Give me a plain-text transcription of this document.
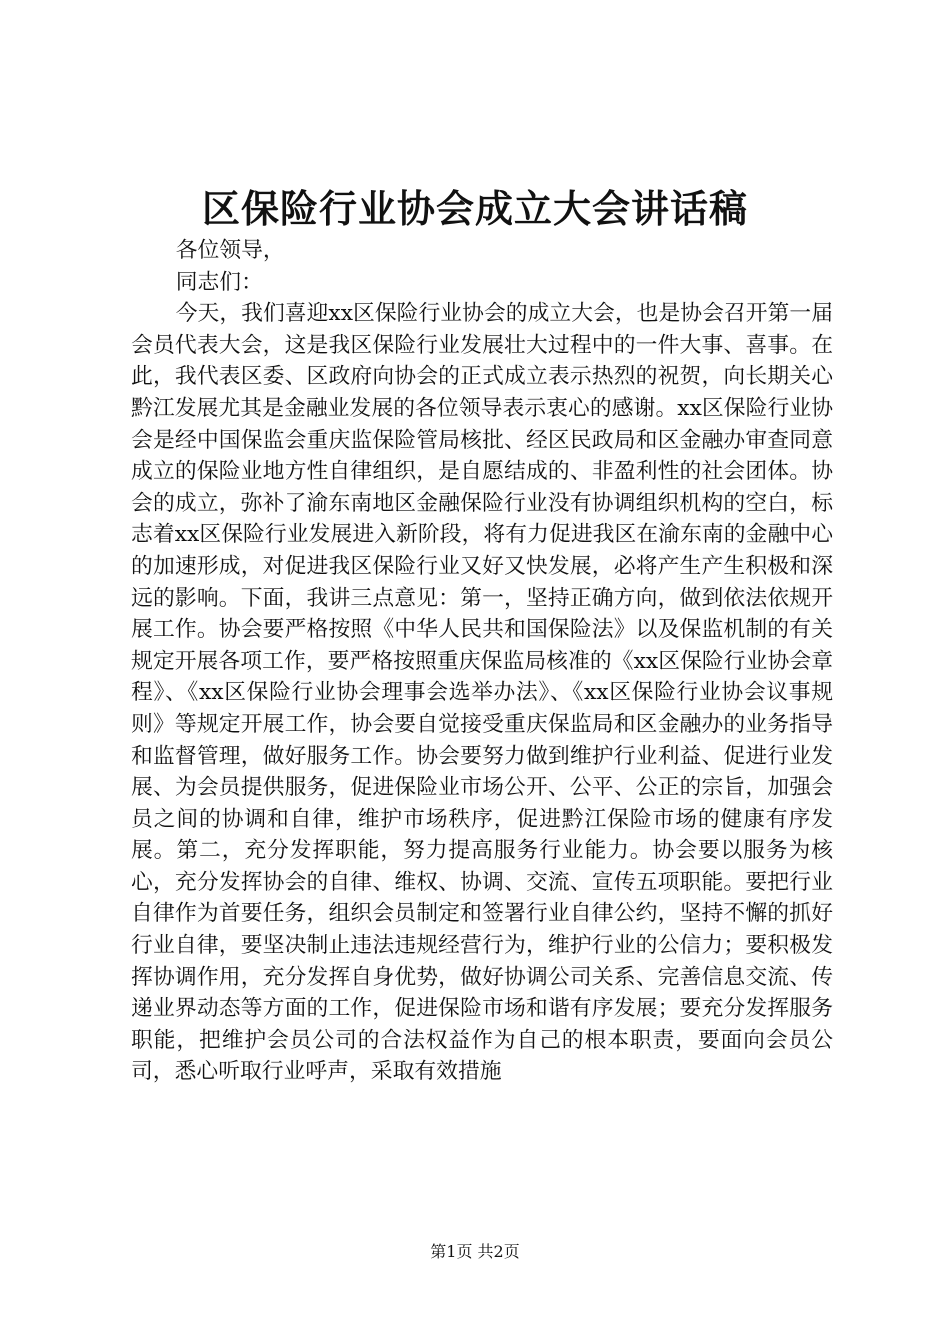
区保险行业协会成立大会讲话稿

各位领导，

同志们：

今天，我们喜迎xx区保险行业协会的成立大会，也是协会召开第一届会员代表大会，这是我区保险行业发展壮大过程中的一件大事、喜事。在此，我代表区委、区政府向协会的正式成立表示热烈的祝贺，向长期关心黔江发展尤其是金融业发展的各位领导表示衷心的感谢。xx区保险行业协会是经中国保监会重庆监保险管局核批、经区民政局和区金融办审查同意成立的保险业地方性自律组织，是自愿结成的、非盈利性的社会团体。协会的成立，弥补了渝东南地区金融保险行业没有协调组织机构的空白，标志着xx区保险行业发展进入新阶段，将有力促进我区在渝东南的金融中心的加速形成，对促进我区保险行业又好又快发展，必将产生产生积极和深远的影响。下面，我讲三点意见：第一，坚持正确方向，做到依法依规开展工作。协会要严格按照《中华人民共和国保险法》以及保监机制的有关规定开展各项工作，要严格按照重庆保监局核准的《xx区保险行业协会章程》、《xx区保险行业协会理事会选举办法》、《xx区保险行业协会议事规则》等规定开展工作，协会要自觉接受重庆保监局和区金融办的业务指导和监督管理，做好服务工作。协会要努力做到维护行业利益、促进行业发展、为会员提供服务，促进保险业市场公开、公平、公正的宗旨，加强会员之间的协调和自律，维护市场秩序，促进黔江保险市场的健康有序发展。第二，充分发挥职能，努力提高服务行业能力。协会要以服务为核心，充分发挥协会的自律、维权、协调、交流、宣传五项职能。要把行业自律作为首要任务，组织会员制定和签署行业自律公约，坚持不懈的抓好行业自律，要坚决制止违法违规经营行为，维护行业的公信力；要积极发挥协调作用，充分发挥自身优势，做好协调公司关系、完善信息交流、传递业界动态等方面的工作，促进保险市场和谐有序发展；要充分发挥服务职能，把维护会员公司的合法权益作为自己的根本职责，要面向会员公司，悉心听取行业呼声，采取有效措施

第1页 共2页
